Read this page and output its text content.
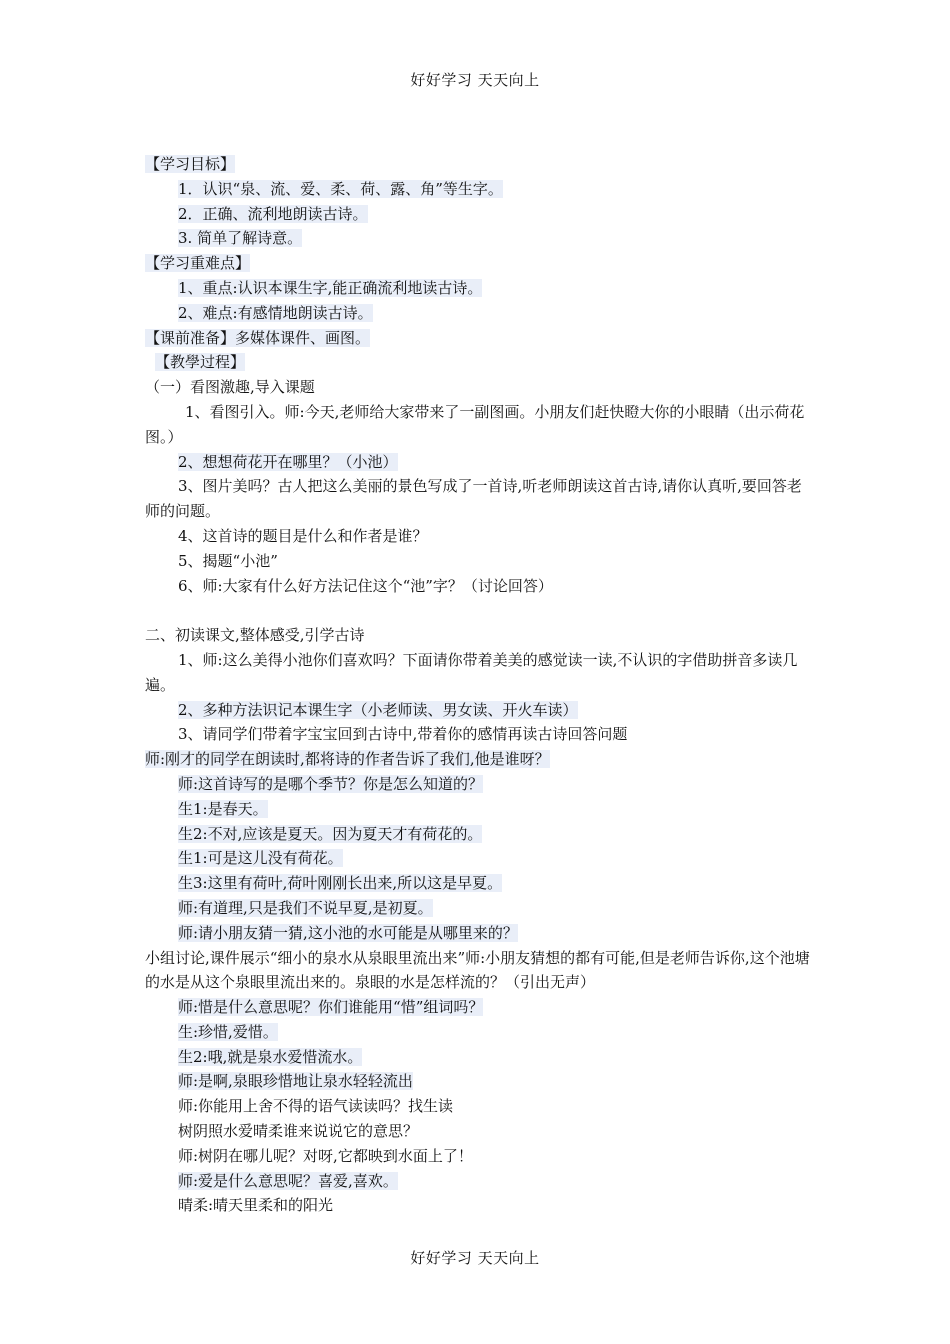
好好学习 天天向上
【学习目标】
1．认识“泉、流、爱、柔、荷、露、角”等生字。
2．正确、流利地朗读古诗。
3. 简单了解诗意。
【学习重难点】
1、重点:认识本课生字,能正确流利地读古诗。
2、难点:有感情地朗读古诗。
【课前准备】多媒体课件、画图。
【教學过程】
（一）看图激趣,导入课题
1、看图引入。师:今天,老师给大家带来了一副图画。小朋友们赶快瞪大你的小眼睛（出示荷花图。）
2、想想荷花开在哪里？（小池）
3、图片美吗？古人把这么美丽的景色写成了一首诗,听老师朗读这首古诗,请你认真听,要回答老师的问题。
4、这首诗的题目是什么和作者是谁？
5、揭题“小池”
6、师:大家有什么好方法记住这个“池”字？（讨论回答）
二、初读课文,整体感受,引学古诗
1、师:这么美得小池你们喜欢吗？下面请你带着美美的感觉读一读,不认识的字借助拼音多读几遍。
2、多种方法识记本课生字（小老师读、男女读、开火车读）
3、请同学们带着字宝宝回到古诗中,带着你的感情再读古诗回答问题
师:刚才的同学在朗读时,都将诗的作者告诉了我们,他是谁呀？
师:这首诗写的是哪个季节？你是怎么知道的？
生1:是春天。
生2:不对,应该是夏天。因为夏天才有荷花的。
生1:可是这儿没有荷花。
生3:这里有荷叶,荷叶刚刚长出来,所以这是早夏。
师:有道理,只是我们不说早夏,是初夏。
师:请小朋友猜一猜,这小池的水可能是从哪里来的？
小组讨论,课件展示“细小的泉水从泉眼里流出来”师:小朋友猜想的都有可能,但是老师告诉你,这个池塘的水是从这个泉眼里流出来的。泉眼的水是怎样流的？（引出无声）
师:惜是什么意思呢？你们谁能用“惜”组词吗？
生:珍惜,爱惜。
生2:哦,就是泉水爱惜流水。
师:是啊,泉眼珍惜地让泉水轻轻流出
师:你能用上舍不得的语气读读吗？找生读
树阴照水爱晴柔谁来说说它的意思？
师:树阴在哪儿呢？对呀,它都映到水面上了！
师:爱是什么意思呢？喜爱,喜欢。
晴柔:晴天里柔和的阳光
好好学习 天天向上
